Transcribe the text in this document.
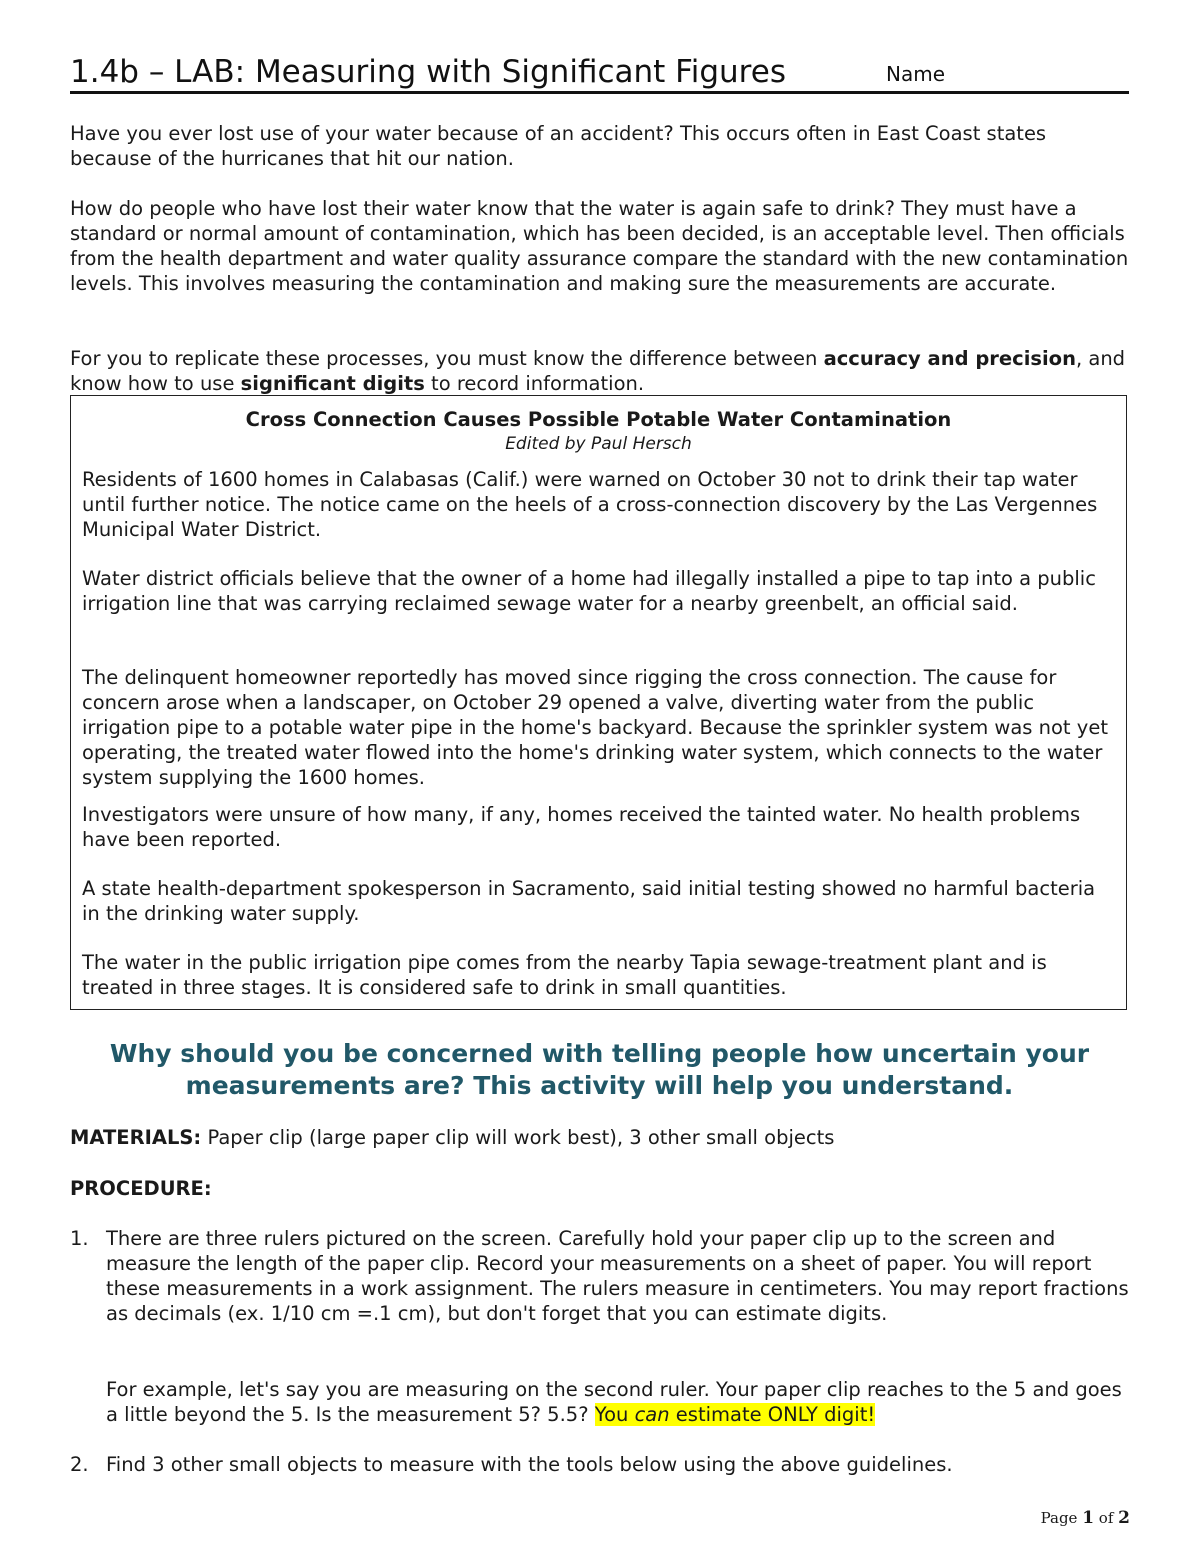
1.4b – LAB: Measuring with Significant Figures	Name

Have you ever lost use of your water because of an accident? This occurs often in East Coast states because of the hurricanes that hit our nation.

How do people who have lost their water know that the water is again safe to drink? They must have a standard or normal amount of contamination, which has been decided, is an acceptable level. Then officials from the health department and water quality assurance compare the standard with the new contamination levels. This involves measuring the contamination and making sure the measurements are accurate.

For you to replicate these processes, you must know the difference between accuracy and precision, and know how to use significant digits to record information.

Cross Connection Causes Possible Potable Water Contamination

Edited by Paul Hersch

Residents of 1600 homes in Calabasas (Calif.) were warned on October 30 not to drink their tap water until further notice. The notice came on the heels of a cross-connection discovery by the Las Vergennes Municipal Water District.

Water district officials believe that the owner of a home had illegally installed a pipe to tap into a public irrigation line that was carrying reclaimed sewage water for a nearby greenbelt, an official said.

The delinquent homeowner reportedly has moved since rigging the cross connection. The cause for concern arose when a landscaper, on October 29 opened a valve, diverting water from the public irrigation pipe to a potable water pipe in the home's backyard. Because the sprinkler system was not yet operating, the treated water flowed into the home's drinking water system, which connects to the water system supplying the 1600 homes.

Investigators were unsure of how many, if any, homes received the tainted water. No health problems have been reported.

A state health-department spokesperson in Sacramento, said initial testing showed no harmful bacteria in the drinking water supply.

The water in the public irrigation pipe comes from the nearby Tapia sewage-treatment plant and is treated in three stages. It is considered safe to drink in small quantities.

Why should you be concerned with telling people how uncertain your measurements are? This activity will help you understand.

MATERIALS: Paper clip (large paper clip will work best), 3 other small objects

PROCEDURE:

1. There are three rulers pictured on the screen. Carefully hold your paper clip up to the screen and measure the length of the paper clip. Record your measurements on a sheet of paper. You will report these measurements in a work assignment. The rulers measure in centimeters. You may report fractions as decimals (ex. 1/10 cm =.1 cm), but don't forget that you can estimate digits.
For example, let's say you are measuring on the second ruler. Your paper clip reaches to the 5 and goes a little beyond the 5. Is the measurement 5? 5.5? You can estimate ONLY digit!
2. Find 3 other small objects to measure with the tools below using the above guidelines.
Page 1 of 2
